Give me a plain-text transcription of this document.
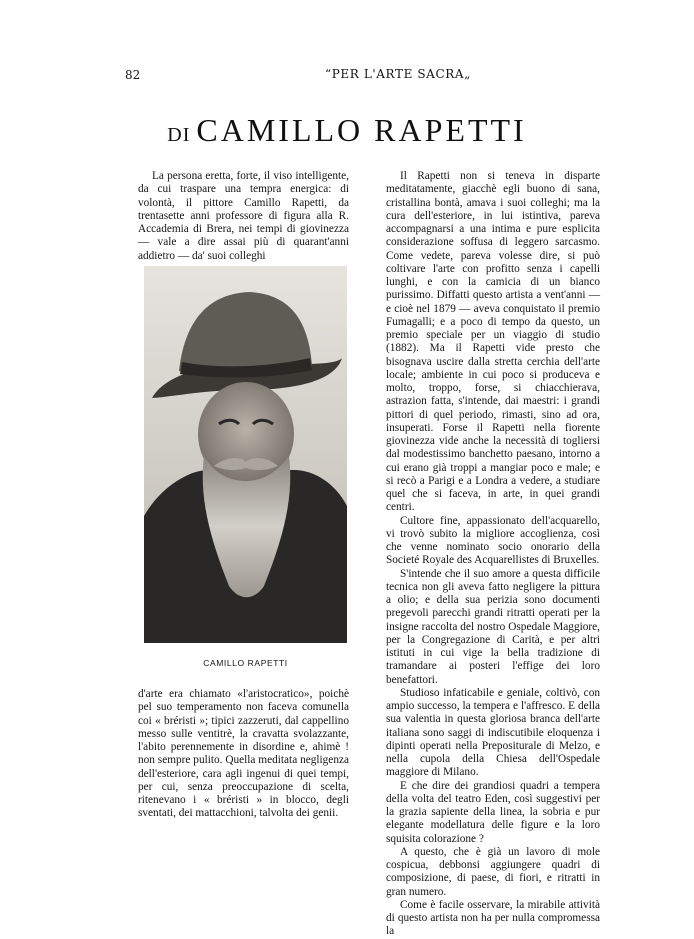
82	“PER L'ARTE SACRA„
DI CAMILLO RAPETTI

La persona eretta, forte, il viso intelligente, da cui traspare una tempra energica: di volontà, il pittore Camillo Rapetti, da trentasette anni professore di figura alla R. Accademia di Brera, nei tempi di giovinezza — vale a dire assai più di quarant'anni addietro — da' suoi colleghi

CAMILLO RAPETTI

d'arte era chiamato «l'aristocratico», poichè pel suo temperamento non faceva comunella coi « bréristi »; tipici zazzeruti, dal cappellino messo sulle ventitrè, la cravatta svolazzante, l'abito perennemente in disordine e, ahimè ! non sempre pulito. Quella meditata negligenza dell'esteriore, cara agli ingenui di quei tempi, per cui, senza preoccupazione di scelta, ritenevano i « bréristi » in blocco, degli sventati, dei mattacchioni, talvolta dei genii.

Il Rapetti non si teneva in disparte meditatamente, giacchè egli buono di sana, cristallina bontà, amava i suoi colleghi; ma la cura dell'esteriore, in lui istintiva, pareva accompagnarsi a una intima e pure esplicita considerazione soffusa di leggero sarcasmo. Come vedete, pareva volesse dire, si può coltivare l'arte con profitto senza i capelli lunghi, e con la camicia di un bianco purissimo. Diffatti questo artista a vent'anni — e cioè nel 1879 — aveva conquistato il premio Fumagalli; e a poco di tempo da questo, un premio speciale per un viaggio di studio (1882). Ma il Rapetti vide presto che bisognava uscire dalla stretta cerchia dell'arte locale; ambiente in cui poco si produceva e molto, troppo, forse, si chiacchierava, astrazion fatta, s'intende, dai maestri: i grandi pittori di quel periodo, rimasti, sino ad ora, insuperati. Forse il Rapetti nella fiorente giovinezza vide anche la necessità di togliersi dal modestissimo banchetto paesano, intorno a cui erano già troppi a mangiar poco e male; e si recò a Parigi e a Londra a vedere, a studiare quel che si faceva, in arte, in quei grandi centri.

Cultore fine, appassionato dell'acquarello, vi trovò subito la migliore accoglienza, così che venne nominato socio onorario della Societé Royale des Acquarellistes di Bruxelles.

S'intende che il suo amore a questa difficile tecnica non gli aveva fatto negligere la pittura a olio; e della sua perizia sono documenti pregevoli parecchi grandi ritratti operati per la insigne raccolta del nostro Ospedale Maggiore, per la Congregazione di Carità, e per altri istituti in cui vige la bella tradizione di tramandare ai posteri l'effige dei loro benefattori.

Studioso infaticabile e geniale, coltivò, con ampio successo, la tempera e l'affresco. E della sua valentia in questa gloriosa branca dell'arte italiana sono saggi di indiscutibile eloquenza i dipinti operati nella Prepositurale di Melzo, e nella cupola della Chiesa dell'Ospedale maggiore di Milano.

E che dire dei grandiosi quadri a tempera della volta del teatro Eden, così suggestivi per la grazia sapiente della linea, la sobria e pur elegante modellatura delle figure e la loro squisita colorazione ?

A questo, che è già un lavoro di mole cospicua, debbonsi aggiungere quadri di composizione, di paese, di fiori, e ritratti in gran numero.

Come è facile osservare, la mirabile attività di questo artista non ha per nulla compromessa la
